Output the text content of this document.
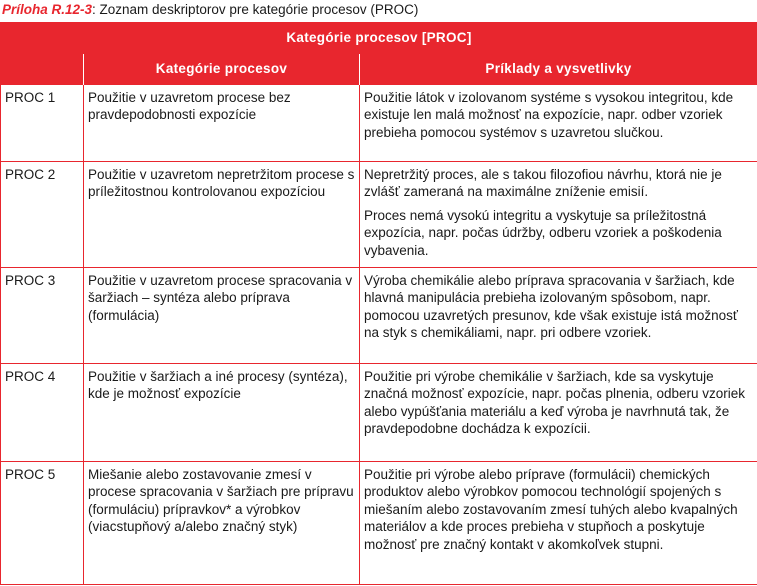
Príloha R.12-3: Zoznam deskriptorov pre kategórie procesov (PROC)
Kategórie procesov [PROC]		
	Kategórie procesov	Príklady a vysvetlivky
PROC 1	Použitie v uzavretom procese bez pravdepodobnosti expozície	Použitie látok v izolovanom systéme s vysokou integritou, kde existuje len malá možnosť na expozície, napr. odber vzoriek prebieha pomocou systémov s uzavretou slučkou.

PROC 2	Použitie v uzavretom nepretržitom procese s príležitostnou kontrolovanou expozíciou	Nepretržitý proces, ale s takou filozofiou návrhu, ktorá nie je zvlášť zameraná na maximálne zníženie emisií.
Proces nemá vysokú integritu a vyskytuje sa príležitostná expozícia, napr. počas údržby, odberu vzoriek a poškodenia vybavenia.

PROC 3	Použitie v uzavretom procese spracovania v šaržiach – syntéza alebo príprava (formulácia)	Výroba chemikálie alebo príprava spracovania v šaržiach, kde hlavná manipulácia prebieha izolovaným spôsobom, napr. pomocou uzavretých presunov, kde však existuje istá možnosť na styk s chemikáliami, napr. pri odbere vzoriek.

PROC 4	Použitie v šaržiach a iné procesy (syntéza), kde je možnosť expozície	Použitie pri výrobe chemikálie v šaržiach, kde sa vyskytuje značná možnosť expozície, napr. počas plnenia, odberu vzoriek alebo vypúšťania materiálu a keď výroba je navrhnutá tak, že pravdepodobne dochádza k expozícii.

PROC 5	Miešanie alebo zostavovanie zmesí v procese spracovania v šaržiach pre prípravu (formuláciu) prípravkov* a výrobkov (viacstupňový a/alebo značný styk)	Použitie pri výrobe alebo príprave (formulácii) chemických produktov alebo výrobkov pomocou technológií spojených s miešaním alebo zostavovaním zmesí tuhých alebo kvapalných materiálov a kde proces prebieha v stupňoch a poskytuje možnosť pre značný kontakt v akomkoľvek stupni.
